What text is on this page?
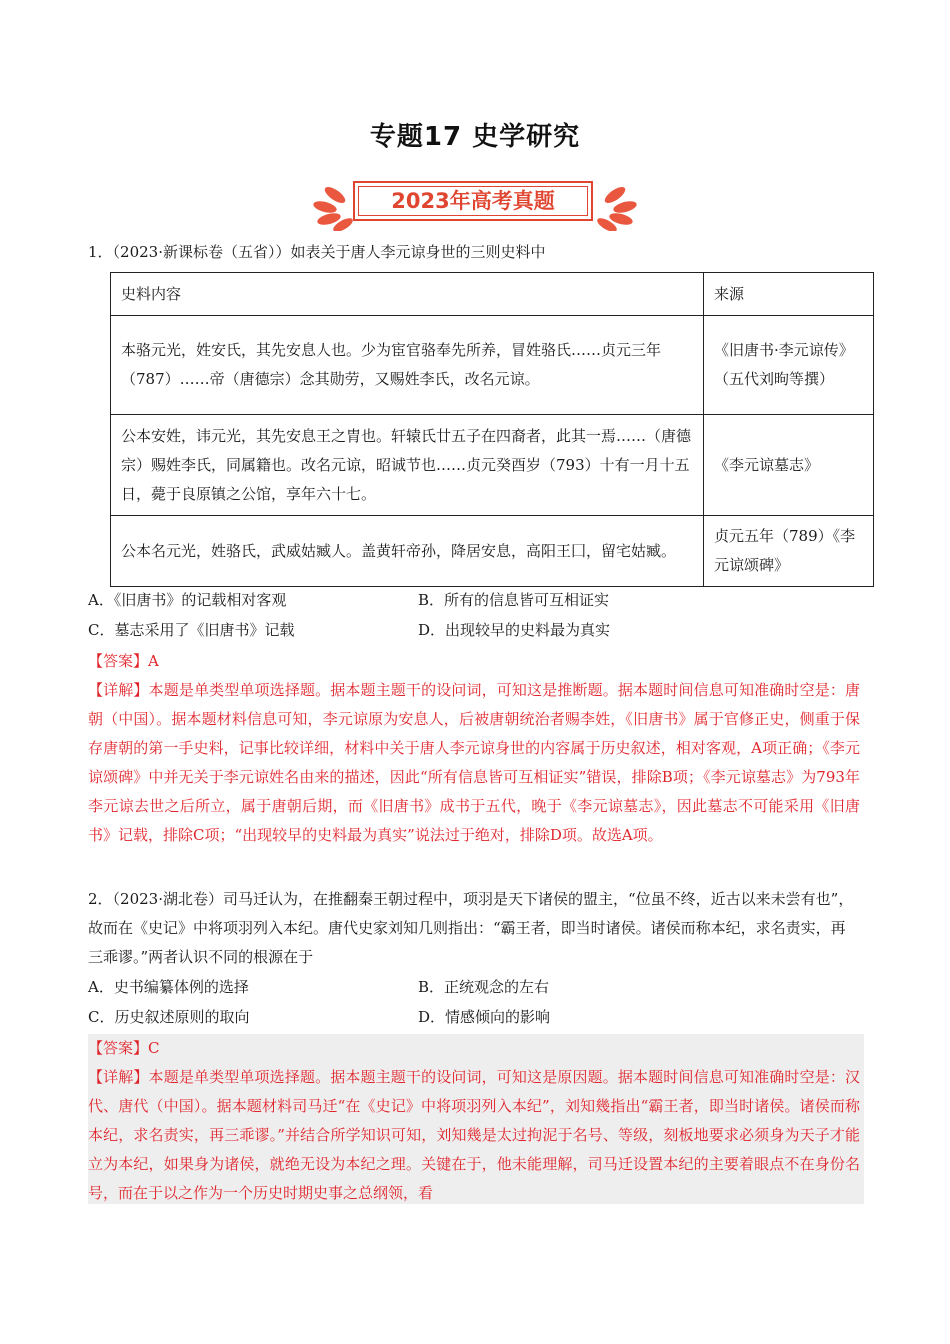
专题17 史学研究
2023年高考真题
1．（2023·新课标卷（五省））如表关于唐人李元谅身世的三则史料中
史料内容	来源
本骆元光，姓安氏，其先安息人也。少为宦官骆奉先所养，冒姓骆氏……贞元三年（787）……帝（唐德宗）念其勋劳，又赐姓李氏，改名元谅。	《旧唐书·李元谅传》（五代刘昫等撰）
公本安姓，讳元光，其先安息王之胄也。轩辕氏廿五子在四裔者，此其一焉……（唐德宗）赐姓李氏，同属籍也。改名元谅，昭诚节也……贞元癸酉岁（793）十有一月十五日，薨于良原镇之公馆，享年六十七。	《李元谅墓志》
公本名元光，姓骆氏，武威姑臧人。盖黄轩帝孙，降居安息，高阳王囗，留宅姑臧。	贞元五年（789）《李元谅颂碑》
A．《旧唐书》的记载相对客观	B．所有的信息皆可互相证实
C．墓志采用了《旧唐书》记载	D．出现较早的史料最为真实
【答案】A
【详解】本题是单类型单项选择题。据本题主题干的设问词，可知这是推断题。据本题时间信息可知准确时空是：唐朝（中国）。据本题材料信息可知，李元谅原为安息人，后被唐朝统治者赐李姓，《旧唐书》属于官修正史，侧重于保存唐朝的第一手史料，记事比较详细，材料中关于唐人李元谅身世的内容属于历史叙述，相对客观，A项正确；《李元谅颂碑》中并无关于李元谅姓名由来的描述，因此“所有信息皆可互相证实”错误，排除B项；《李元谅墓志》为793年李元谅去世之后所立，属于唐朝后期，而《旧唐书》成书于五代，晚于《李元谅墓志》，因此墓志不可能采用《旧唐书》记载，排除C项；“出现较早的史料最为真实”说法过于绝对，排除D项。故选A项。
2．（2023·湖北卷）司马迁认为，在推翻秦王朝过程中，项羽是天下诸侯的盟主，“位虽不终，近古以来未尝有也”，故而在《史记》中将项羽列入本纪。唐代史家刘知几则指出：“霸王者，即当时诸侯。诸侯而称本纪，求名责实，再三乖谬。”两者认识不同的根源在于
A．史书编纂体例的选择	B．正统观念的左右
C．历史叙述原则的取向	D．情感倾向的影响
【答案】C
【详解】本题是单类型单项选择题。据本题主题干的设问词，可知这是原因题。据本题时间信息可知准确时空是：汉代、唐代（中国）。据本题材料司马迁“在《史记》中将项羽列入本纪”，刘知幾指出“霸王者，即当时诸侯。诸侯而称本纪，求名责实，再三乖谬。”并结合所学知识可知，刘知幾是太过拘泥于名号、等级，刻板地要求必须身为天子才能立为本纪，如果身为诸侯，就绝无设为本纪之理。关键在于，他未能理解，司马迁设置本纪的主要着眼点不在身份名号，而在于以之作为一个历史时期史事之总纲领，看
